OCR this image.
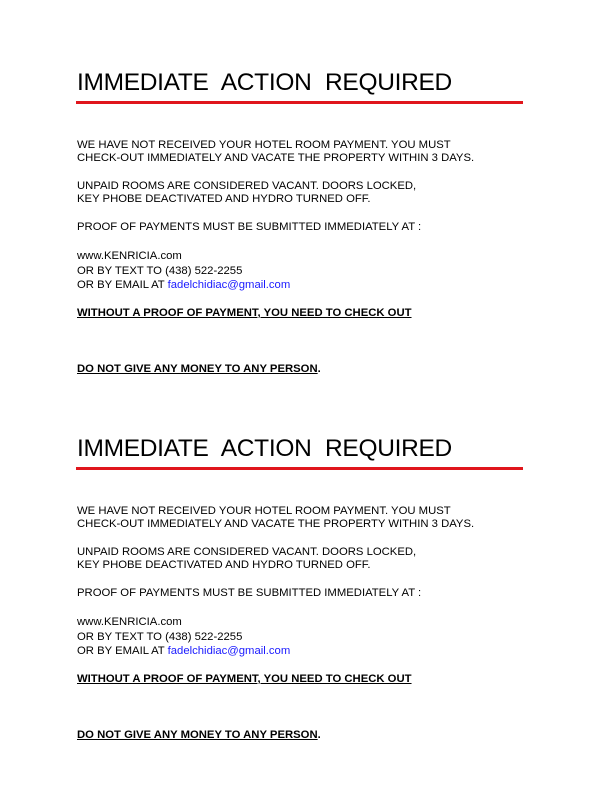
IMMEDIATE ACTION REQUIRED

WE HAVE NOT RECEIVED YOUR HOTEL ROOM PAYMENT. YOU MUST

CHECK-OUT IMMEDIATELY AND VACATE THE PROPERTY WITHIN 3 DAYS.

UNPAID ROOMS ARE CONSIDERED VACANT. DOORS LOCKED,

KEY PHOBE DEACTIVATED AND HYDRO TURNED OFF.

PROOF OF PAYMENTS MUST BE SUBMITTED IMMEDIATELY AT :

www.KENRICIA.com

OR BY TEXT TO (438) 522-2255

OR BY EMAIL AT fadelchidiac@gmail.com

WITHOUT A PROOF OF PAYMENT, YOU NEED TO CHECK OUT

DO NOT GIVE ANY MONEY TO ANY PERSON.

IMMEDIATE ACTION REQUIRED

WE HAVE NOT RECEIVED YOUR HOTEL ROOM PAYMENT. YOU MUST

CHECK-OUT IMMEDIATELY AND VACATE THE PROPERTY WITHIN 3 DAYS.

UNPAID ROOMS ARE CONSIDERED VACANT. DOORS LOCKED,

KEY PHOBE DEACTIVATED AND HYDRO TURNED OFF.

PROOF OF PAYMENTS MUST BE SUBMITTED IMMEDIATELY AT :

www.KENRICIA.com

OR BY TEXT TO (438) 522-2255

OR BY EMAIL AT fadelchidiac@gmail.com

WITHOUT A PROOF OF PAYMENT, YOU NEED TO CHECK OUT

DO NOT GIVE ANY MONEY TO ANY PERSON.
